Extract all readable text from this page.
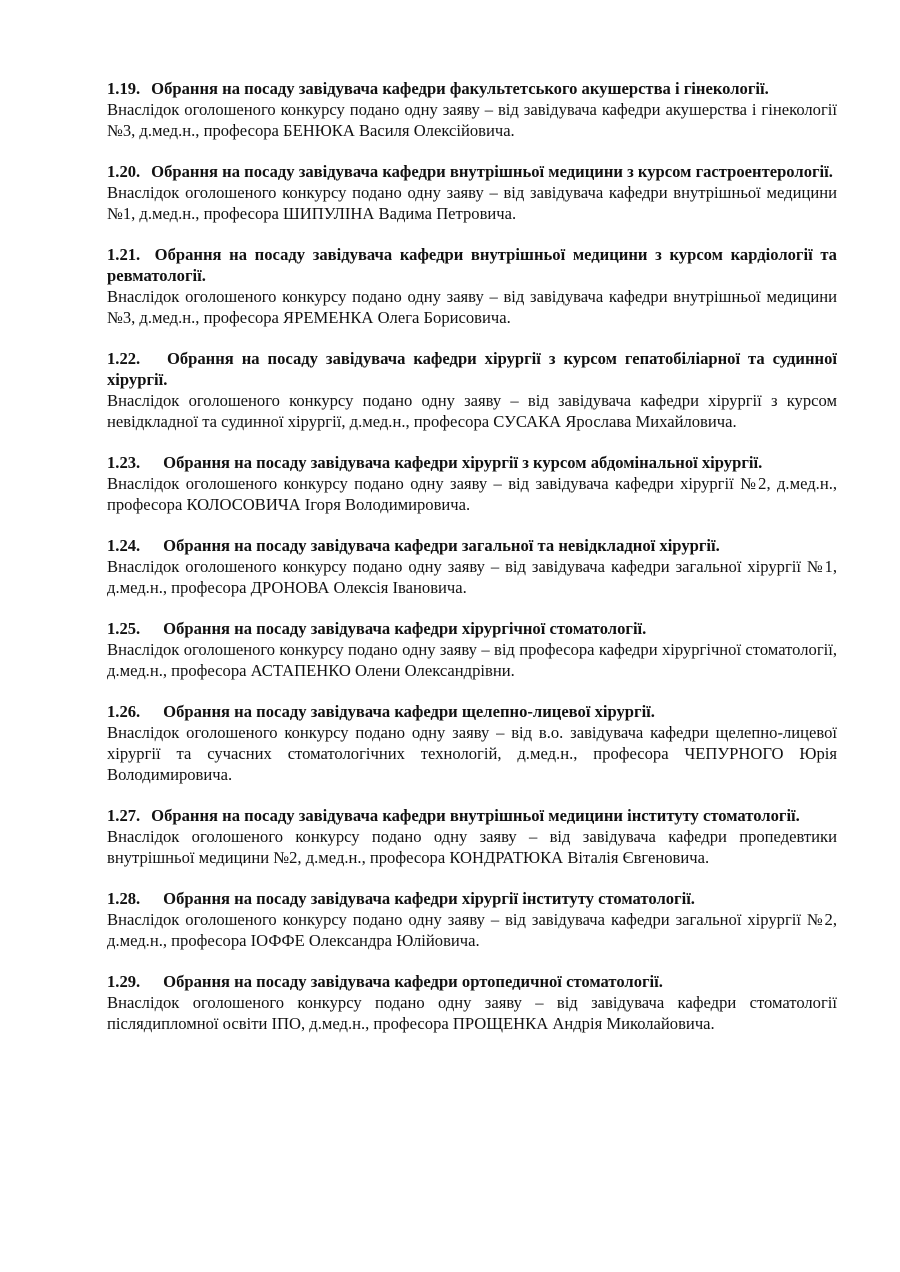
1.19. Обрання на посаду завідувача кафедри факультетського акушерства і гінекології.

Внаслідок оголошеного конкурсу подано одну заяву – від завідувача кафедри акушерства і гінекології №3, д.мед.н., професора БЕНЮКА Василя Олексійовича.

1.20. Обрання на посаду завідувача кафедри внутрішньої медицини з курсом гастроентерології.

Внаслідок оголошеного конкурсу подано одну заяву – від завідувача кафедри внутрішньої медицини №1, д.мед.н., професора ШИПУЛІНА Вадима Петровича.

1.21. Обрання на посаду завідувача кафедри внутрішньої медицини з курсом кардіології та ревматології.

Внаслідок оголошеного конкурсу подано одну заяву – від завідувача кафедри внутрішньої медицини №3, д.мед.н., професора ЯРЕМЕНКА Олега Борисовича.

1.22. Обрання на посаду завідувача кафедри хірургії з курсом гепатобіліарної та судинної хірургії.

Внаслідок оголошеного конкурсу подано одну заяву – від завідувача кафедри хірургії з курсом невідкладної та судинної хірургії, д.мед.н., професора СУСАКА Ярослава Михайловича.

1.23. Обрання на посаду завідувача кафедри хірургії з курсом абдомінальної хірургії.

Внаслідок оголошеного конкурсу подано одну заяву – від завідувача кафедри хірургії №2, д.мед.н., професора КОЛОСОВИЧА Ігоря Володимировича.

1.24. Обрання на посаду завідувача кафедри загальної та невідкладної хірургії.

Внаслідок оголошеного конкурсу подано одну заяву – від завідувача кафедри загальної хірургії №1, д.мед.н., професора ДРОНОВА Олексія Івановича.

1.25. Обрання на посаду завідувача кафедри хірургічної стоматології.

Внаслідок оголошеного конкурсу подано одну заяву – від професора кафедри хірургічної стоматології, д.мед.н., професора АСТАПЕНКО Олени Олександрівни.

1.26. Обрання на посаду завідувача кафедри щелепно-лицевої хірургії.

Внаслідок оголошеного конкурсу подано одну заяву – від в.о. завідувача кафедри щелепно-лицевої хірургії та сучасних стоматологічних технологій, д.мед.н., професора ЧЕПУРНОГО Юрія Володимировича.

1.27. Обрання на посаду завідувача кафедри внутрішньої медицини інституту стоматології.

Внаслідок оголошеного конкурсу подано одну заяву – від завідувача кафедри пропедевтики внутрішньої медицини №2, д.мед.н., професора КОНДРАТЮКА Віталія Євгеновича.

1.28. Обрання на посаду завідувача кафедри хірургії інституту стоматології.

Внаслідок оголошеного конкурсу подано одну заяву – від завідувача кафедри загальної хірургії №2, д.мед.н., професора ІОФФЕ Олександра Юлійовича.

1.29. Обрання на посаду завідувача кафедри ортопедичної стоматології.

Внаслідок оголошеного конкурсу подано одну заяву – від завідувача кафедри стоматології післядипломної освіти ІПО, д.мед.н., професора ПРОЩЕНКА Андрія Миколайовича.
